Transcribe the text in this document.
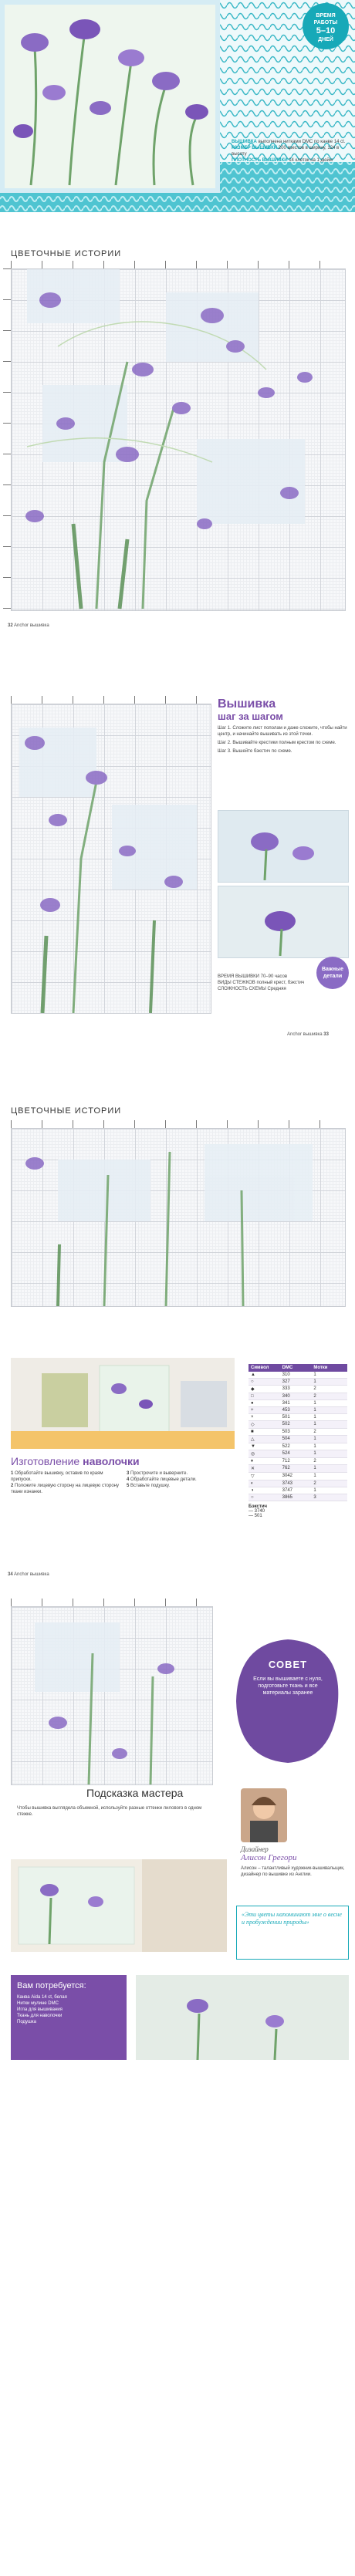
ВРЕМЯ
РАБОТЫ
5–10
ДНЕЙ
ВЫШИВКА выполнена нитками DMC по канве 14 ct.
РАЗМЕР ВЫШИВКИ 200 крестов в ширину, 124 в высоту
ПЛОТНОСТЬ ВЫШИВКИ 14 клеток на 1 дюйм
ЦВЕТОЧНЫЕ ИСТОРИИ
32 Anchor вышивка
Вышивка
шаг за шагом
Шаг 1. Сложите лист пополам и даже сложите, чтобы найти центр, и начинайте вышивать из этой точки.
Шаг 2. Вышивайте крестики полным крестом по схеме.
Шаг 3. Вышейте бэкстич по схеме.
Важные
детали
ВРЕМЯ ВЫШИВКИ 70–90 часов
ВИДЫ СТЕЖКОВ полный крест, бэкстич
СЛОЖНОСТЬ СХЕМЫ Средняя
Anchor вышивка 33
ЦВЕТОЧНЫЕ ИСТОРИИ
Изготовление наволочки
1 Обработайте вышивку, оставив по краям припуски.
2 Положите лицевую сторону на лицевую сторону ткани изнанки.
3 Прострочите и выверните.
4 Обработайте лицевые детали.
5 Вставьте подушку.
Символ	DMC	Мотки
▲	310	1
○	327	1
◆	333	2
□	340	2
●	341	1
+	453	1
×	501	1
◇	502	1
■	503	2
△	504	1
▼	522	1
◎	524	1
♦	712	2
✕	762	1
▽	3042	1
◐	3743	2
◑	3747	1
○	3865	3
Бэкстич
— 3740
— 501
34 Anchor вышивка
СОВЕТ
Если вы вышиваете с нуля, подготовьте ткань и все материалы заранее
Подсказка мастера
Чтобы вышивка выглядела объемной, используйте разные оттенки лилового в одном стежке.
Дизайнер
Алисон Грегори
Алисон – талантливый художник-вышивальщик, дизайнер по вышивке из Англии.
«Эти цветы напоминают мне о весне и пробуждении природы»
Вам потребуется:
Канва Aida 14 ct, белая
Нитки мулине DMC
Игла для вышивания
Ткань для наволочки
Подушка
